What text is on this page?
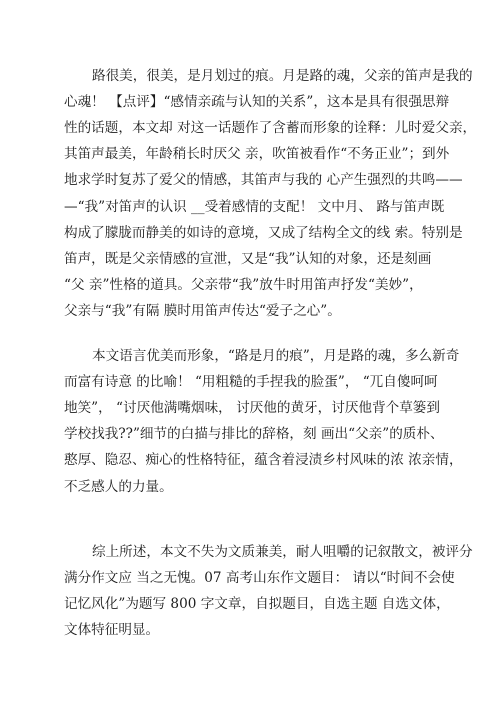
路很美，很美，是月划过的痕。月是路的魂，父亲的笛声是我的
心魂！ 【点评】“感情亲疏与认知的关系”，这本是具有很强思辩
性的话题，本文却 对这一话题作了含蓄而形象的诠释：儿时爱父亲，
其笛声最美，年龄稍长时厌父 亲，吹笛被看作“不务正业”；到外
地求学时复苏了爱父的情感，其笛声与我的 心产生强烈的共鸣——
—“我”对笛声的认识 __受着感情的支配！ 文中月、 路与笛声既
构成了朦胧而静美的如诗的意境，又成了结构全文的线 索。特别是
笛声，既是父亲情感的宣泄，又是“我”认知的对象，还是刻画
“父 亲”性格的道具。父亲带“我”放牛时用笛声抒发“美妙”，
父亲与“我”有隔 膜时用笛声传达“爱子之心”。
本文语言优美而形象，“路是月的痕”，月是路的魂，多么新奇
而富有诗意 的比喻！ “用粗糙的手捏我的脸蛋”， “兀自傻呵呵
地笑”， “讨厌他满嘴烟味， 讨厌他的黄牙，讨厌他背个草篓到
学校找我??”细节的白描与排比的辞格，刻 画出“父亲”的质朴、
憨厚、隐忍、痴心的性格特征，蕴含着浸渍乡村风味的浓 浓亲情，
不乏感人的力量。
综上所述，本文不失为文质兼美，耐人咀嚼的记叙散文，被评分
满分作文应 当之无愧。07 高考山东作文题目： 请以“时间不会使
记忆风化”为题写 800 字文章，自拟题目，自选主题 自选文体，
文体特征明显。
